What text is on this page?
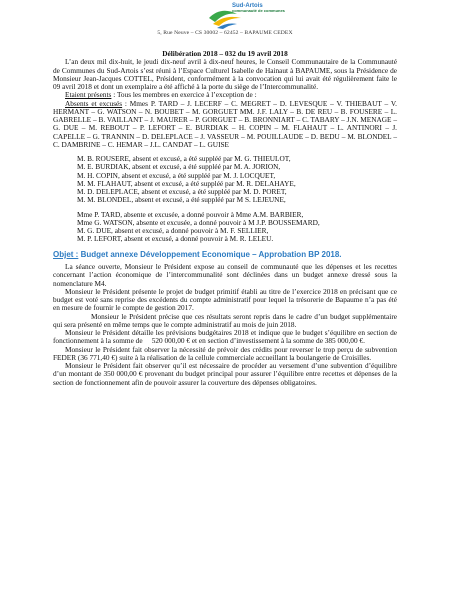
Sud-Artois
communauté de communes
5, Rue Neuve – CS 30002 – 62452 – BAPAUME CEDEX

Délibération 2018 – 032 du 19 avril 2018

L’an deux mil dix-huit, le jeudi dix-neuf avril à dix-neuf heures, le Conseil Communautaire de la Communauté de Communes du Sud-Artois s’est réuni à l’Espace Culturel Isabelle de Hainaut à BAPAUME, sous la Présidence de Monsieur Jean-Jacques COTTEL, Président, conformément à la convocation qui lui avait été régulièrement faite le 09 avril 2018 et dont un exemplaire a été affiché à la porte du siège de l’Intercommunalité.

Etaient présents : Tous les membres en exercice à l’exception de :

Absents et excusés : Mmes P. TARD – J. LECERF – C. MEGRET – D. LEVESQUE – V. THIEBAUT – V. HERMANT – G. WATSON – N. BOUBET – M. GORGUET MM. J.F. LALY – B. DE REU – B. FOUSERE – L. GABRELLE – B. VAILLANT – J. MAURER – P. GORGUET – B. BRONNIART – C. TABARY – J.N. MENAGE – G. DUE – M. REBOUT – P. LEFORT – E. BURDIAK – H. COPIN – M. FLAHAUT – L. ANTINORI – J. CAPELLE – G. TRANNIN – D. DELEPLACE – J. VASSEUR – M. POUILLAUDE – D. BEDU – M. BLONDEL – C. DAMBRINE – C. HEMAR – J.L. CANDAT – L. GUISE

M. B. ROUSERE, absent et excusé, a été suppléé par M. G. THIEULOT,
M. E. BURDIAK, absent et excusé, a été suppléé par M. A. JORION,
M. H. COPIN, absent et excusé, a été suppléé par M. J. LOCQUET,
M. M. FLAHAUT, absent et excusé, a été suppléé par M. R. DELAHAYE,
M. D. DELEPLACE, absent et excusé, a été suppléé par M. D. PORET,
M. M. BLONDEL, absent et excusé, a été suppléé par M S. LEJEUNE,
Mme P. TARD, absente et excusée, a donné pouvoir à Mme A.M. BARBIER,
Mme G. WATSON, absente et excusée, a donné pouvoir à M J.P. BOUSSEMARD,
M. G. DUE, absent et excusé, a donné pouvoir à M. F. SELLIER,
M. P. LEFORT, absent et excusé, a donné pouvoir à M. R. LELEU.

Objet : Budget annexe Développement Economique – Approbation BP 2018.

La séance ouverte, Monsieur le Président expose au conseil de communauté que les dépenses et les recettes concernant l’action économique de l’intercommunalité sont déclinées dans un budget annexe dressé sous la nomenclature M4.

Monsieur le Président présente le projet de budget primitif établi au titre de l’exercice 2018 en précisant que ce budget est voté sans reprise des excédents du compte administratif pour lequel la trésorerie de Bapaume n’a pas été en mesure de fournir le compte de gestion 2017.

Monsieur le Président précise que ces résultats seront repris dans le cadre d’un budget supplémentaire qui sera présenté en même temps que le compte administratif au mois de juin 2018.

Monsieur le Président détaille les prévisions budgétaires 2018 et indique que le budget s’équilibre en section de fonctionnement à la somme de 520 000,00 € et en section d’investissement à la somme de 385 000,00 €.

Monsieur le Président fait observer la nécessité de prévoir des crédits pour reverser le trop perçu de subvention FEDER (36 771,40 €) suite à la réalisation de la cellule commerciale accueillant la boulangerie de Croisilles.

Monsieur le Président fait observer qu’il est nécessaire de procéder au versement d’une subvention d’équilibre d’un montant de 350 000,00 € provenant du budget principal pour assurer l’équilibre entre recettes et dépenses de la section de fonctionnement afin de pouvoir assurer la couverture des dépenses obligatoires.
